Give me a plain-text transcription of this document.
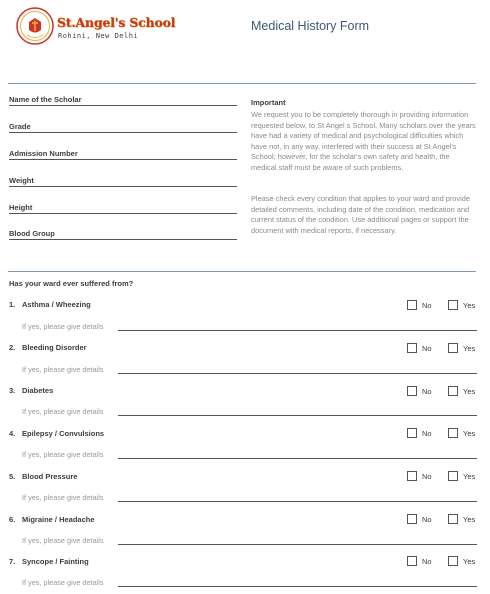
St.Angel's School
Rohini, New Delhi
Medical History Form
Name of the Scholar
Grade
Admission Number
Weight
Height
Blood Group
Important

We request you to be completely thorough in providing information requested below, to St Angel s School. Many scholars over the years have had a variety of medical and psychological difficulties which have not, in any way, interfered with their success at St Angel's School; however, for the scholar's own safety and health, the medical staff must be aware of such problems.

Please check every condition that applies to your ward and provide detailed comments, including date of the condition, medication and current status of the condition. Use additional pages or support the document with medical reports, if necessary.

Has your ward ever suffered from?
1. Asthma / Wheezing	No	Yes
If yes, please give details
2. Bleeding Disorder	No	Yes
If yes, please give details
3. Diabetes	No	Yes
If yes, please give details
4. Epilepsy / Convulsions	No	Yes
If yes, please give details
5. Blood Pressure	No	Yes
If yes, please give details
6. Migraine / Headache	No	Yes
If yes, please give details
7. Syncope / Fainting	No	Yes
If yes, please give details
